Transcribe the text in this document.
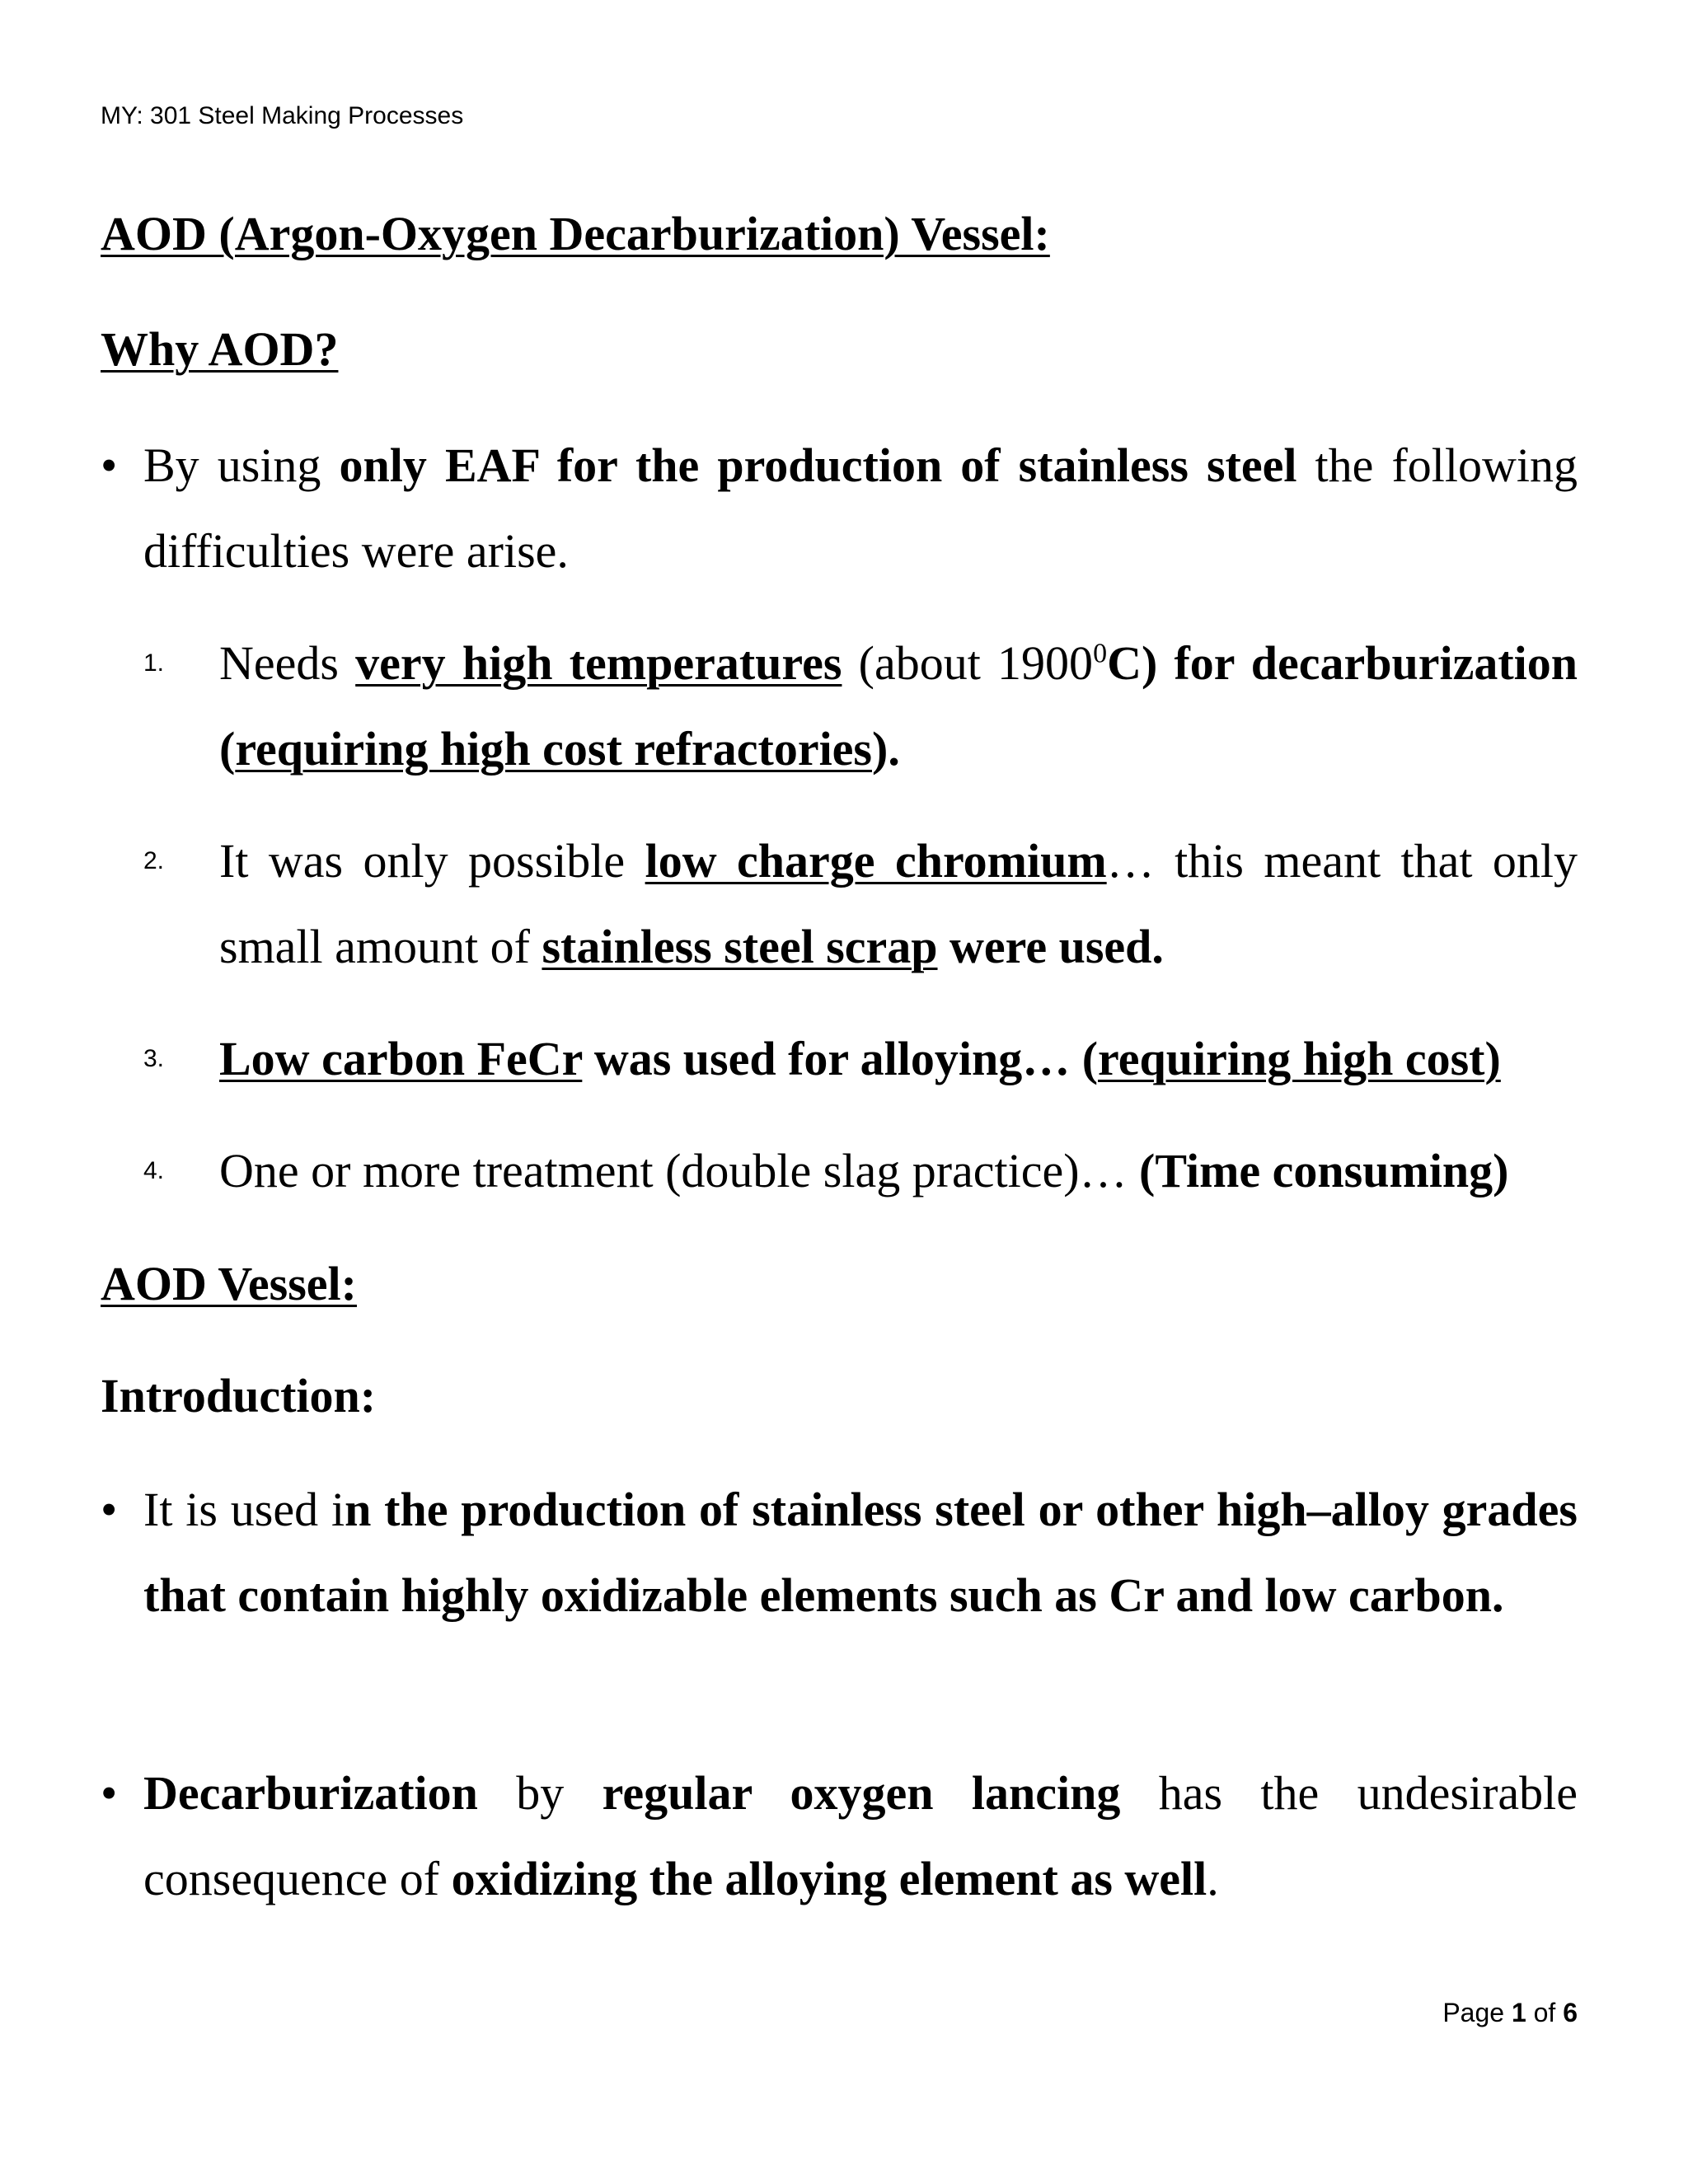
MY: 301 Steel Making Processes
AOD (Argon-Oxygen Decarburization) Vessel:
Why AOD?
• By using only EAF for the production of stainless steel the following difficulties were arise.

1. Needs very high temperatures (about 1900$^0$C) for decarburization (requiring high cost refractories).

2. It was only possible low charge chromium… this meant that only small amount of stainless steel scrap were used.

3. Low carbon FeCr was used for alloying… (requiring high cost)

4. One or more treatment (double slag practice)… (Time consuming)

AOD Vessel:
Introduction:
• It is used in the production of stainless steel or other high–alloy grades that contain highly oxidizable elements such as Cr and low carbon.

• Decarburization by regular oxygen lancing has the undesirable consequence of oxidizing the alloying element as well.

Page 1 of 6
